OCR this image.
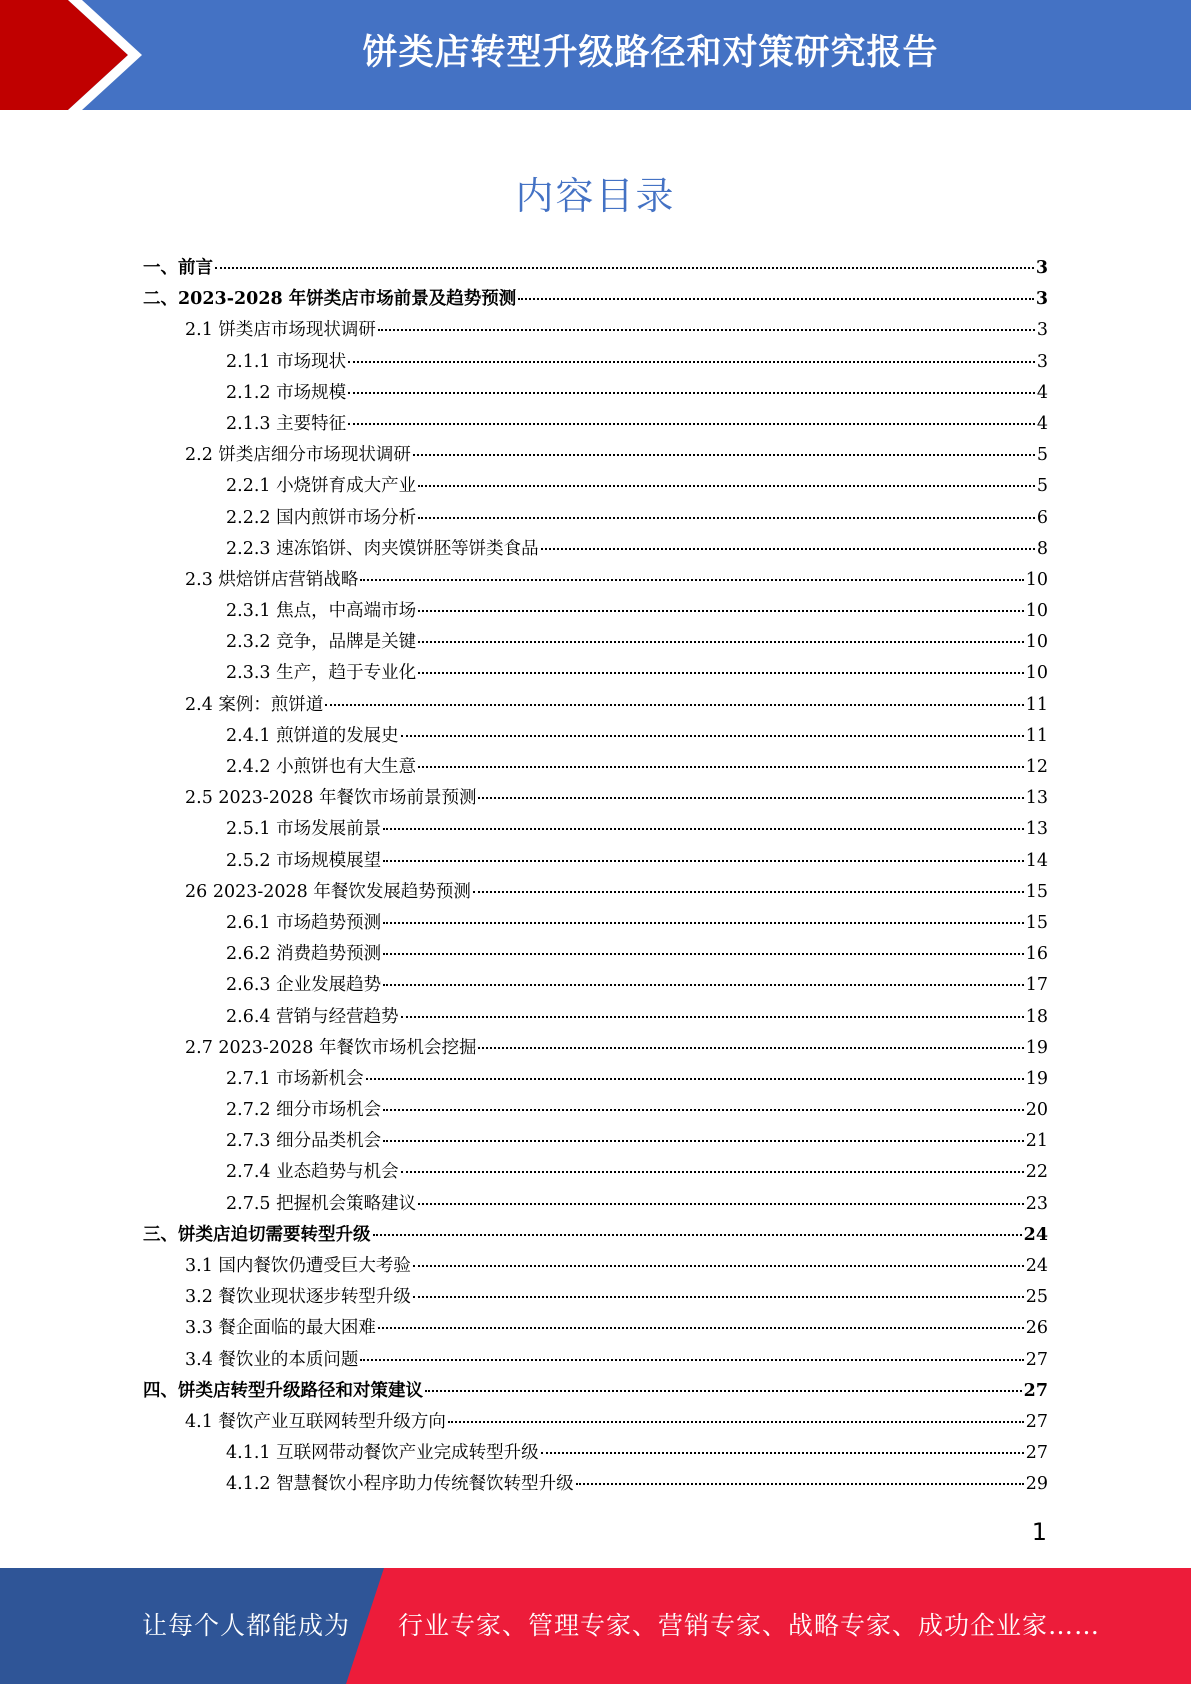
饼类店转型升级路径和对策研究报告
内容目录
一、前言	3
二、2023-2028 年饼类店市场前景及趋势预测	3
2.1 饼类店市场现状调研	3
2.1.1 市场现状	3
2.1.2 市场规模	4
2.1.3 主要特征	4
2.2 饼类店细分市场现状调研	5
2.2.1 小烧饼育成大产业	5
2.2.2 国内煎饼市场分析	6
2.2.3 速冻馅饼、肉夹馍饼胚等饼类食品	8
2.3 烘焙饼店营销战略	10
2.3.1 焦点，中高端市场	10
2.3.2 竞争，品牌是关键	10
2.3.3 生产，趋于专业化	10
2.4 案例：煎饼道	11
2.4.1 煎饼道的发展史	11
2.4.2 小煎饼也有大生意	12
2.5 2023-2028 年餐饮市场前景预测	13
2.5.1 市场发展前景	13
2.5.2 市场规模展望	14
26 2023-2028 年餐饮发展趋势预测	15
2.6.1 市场趋势预测	15
2.6.2 消费趋势预测	16
2.6.3 企业发展趋势	17
2.6.4 营销与经营趋势	18
2.7 2023-2028 年餐饮市场机会挖掘	19
2.7.1 市场新机会	19
2.7.2 细分市场机会	20
2.7.3 细分品类机会	21
2.7.4 业态趋势与机会	22
2.7.5 把握机会策略建议	23
三、饼类店迫切需要转型升级	24
3.1 国内餐饮仍遭受巨大考验	24
3.2 餐饮业现状逐步转型升级	25
3.3 餐企面临的最大困难	26
3.4 餐饮业的本质问题	27
四、饼类店转型升级路径和对策建议	27
4.1 餐饮产业互联网转型升级方向	27
4.1.1 互联网带动餐饮产业完成转型升级	27
4.1.2 智慧餐饮小程序助力传统餐饮转型升级	29
1
让每个人都能成为 行业专家、管理专家、营销专家、战略专家、成功企业家……
